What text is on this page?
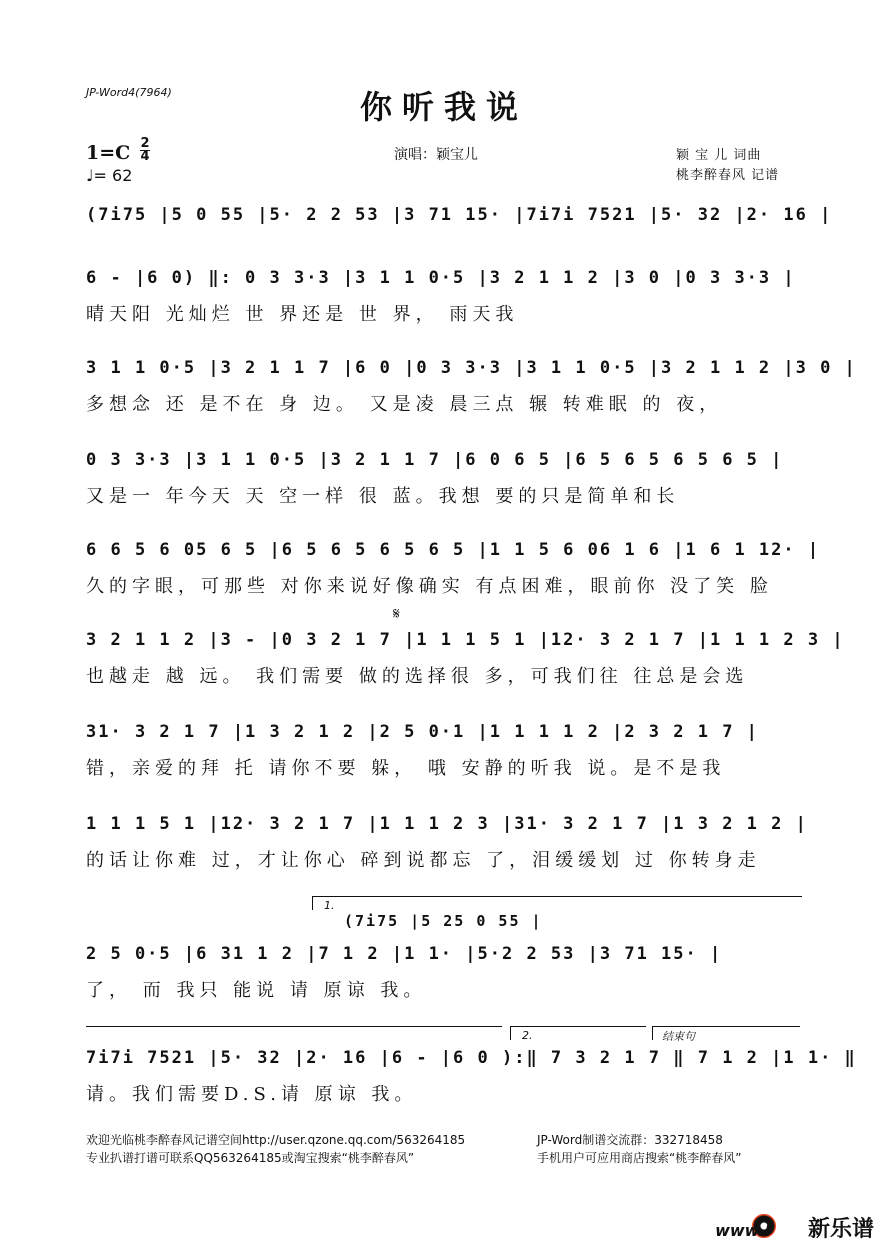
JP-Word4(7964)	你听我说
1=C 2
4
♩= 62
演唱：颖宝儿	颖 宝 儿 词曲
桃李醉春风 记谱
(7i75 |5 0 55 |5· 2 2 53 |3 71 15· |7i7i 7521 |5· 32 |2· 16 |
6 - |6 0) ‖: 0 3 3·3 |3 1 1 0·5 |3 2 1 1 2 |3 0 |0 3 3·3 |
晴天阳 光灿烂 世 界还是 世 界， 雨天我
3 1 1 0·5 |3 2 1 1 7 |6 0 |0 3 3·3 |3 1 1 0·5 |3 2 1 1 2 |3 0 |
多想念 还 是不在 身 边。 又是凌 晨三点 辗 转难眠 的 夜，
0 3 3·3 |3 1 1 0·5 |3 2 1 1 7 |6 0 6 5 |6 5 6 5 6 5 6 5 |
又是一 年今天 天 空一样 很 蓝。我想 要的只是简单和长
6 6 5 6 05 6 5 |6 5 6 5 6 5 6 5 |1 1 5 6 06 1 6 |1 6 1 12· |
久的字眼，可那些 对你来说好像确实 有点困难，眼前你 没了笑 脸
𝄋
3 2 1 1 2 |3 - |0 3 2 1 7 |1 1 1 5 1 |12· 3 2 1 7 |1 1 1 2 3 |
也越走 越 远。 我们需要 做的选择很 多，可我们往 往总是会选
31· 3 2 1 7 |1 3 2 1 2 |2 5 0·1 |1 1 1 1 2 |2 3 2 1 7 |
错，亲爱的拜 托 请你不要 躲， 哦 安静的听我 说。是不是我
1 1 1 5 1 |12· 3 2 1 7 |1 1 1 2 3 |31· 3 2 1 7 |1 3 2 1 2 |
的话让你难 过，才让你心 碎到说都忘 了，泪缓缓划 过 你转身走
1.
(7i75 |5 25 0 55 |
2 5 0·5 |6 31 1 2 |7 1 2 |1 1· |5·2 2 53 |3 71 15· |
了， 而 我只 能说 请 原谅 我。
2.	结束句
7i7i 7521 |5· 32 |2· 16 |6 - |6 0 ):‖ 7 3 2 1 7 ‖ 7 1 2 |1 1· ‖
请。我们需要D.S.请 原谅 我。
欢迎光临桃李醉春风记谱空间http://user.qzone.qq.com/563264185
专业扒谱打谱可联系QQ563264185或淘宝搜索“桃李醉春风”
JP-Word制谱交流群：332718458
手机用户可应用商店搜索“桃李醉春风”
www.l 新乐谱
